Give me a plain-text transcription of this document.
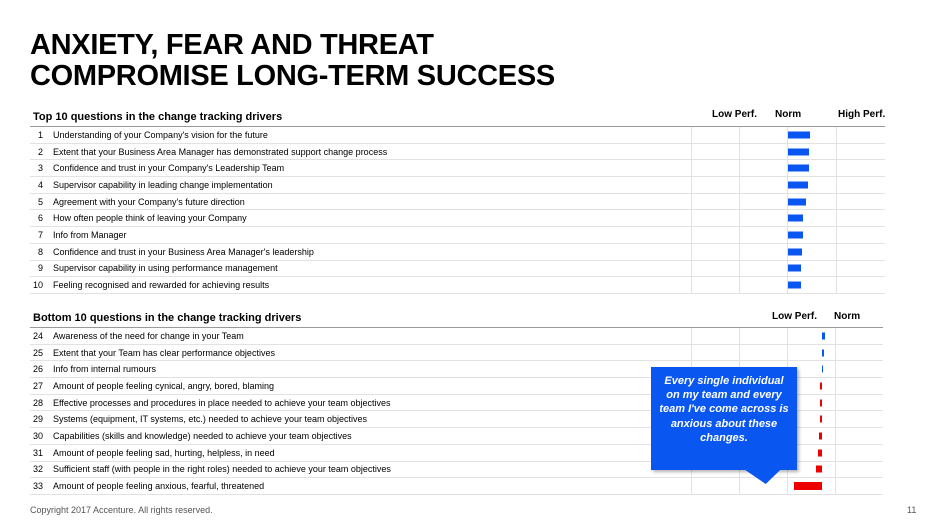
ANXIETY, FEAR AND THREAT
COMPROMISE LONG-TERM SUCCESS
Top 10 questions in the change tracking drivers	Low Perf. Norm	High Perf.
1	Understanding of your Company's vision for the future			

2	Extent that your Business Area Manager has demonstrated support change process			

3	Confidence and trust in your Company's Leadership Team			

4	Supervisor capability in leading change implementation			

5	Agreement with your Company's future direction			

6	How often people think of leaving your Company			

7	Info from Manager			

8	Confidence and trust in your Business Area Manager's leadership			

9	Supervisor capability in using performance management			

10	Feeling recognised and rewarded for achieving results			

Bottom 10 questions in the change tracking drivers	Low Perf. Norm
24	Awareness of the need for change in your Team			

25	Extent that your Team has clear performance objectives			

26	Info from internal rumours			

27	Amount of people feeling cynical, angry, bored, blaming			

28	Effective processes and procedures in place needed to achieve your team objectives			

29	Systems (equipment, IT systems, etc.) needed to achieve your team objectives			

30	Capabilities (skills and knowledge) needed to achieve your team objectives			

31	Amount of people feeling sad, hurting, helpless, in need			

32	Sufficient staff (with people in the right roles) needed to achieve your team objectives			

33	Amount of people feeling anxious, fearful, threatened			

Every single individual on my team and every team I've come across is anxious about these changes.
Copyright 2017 Accenture. All rights reserved.	11
